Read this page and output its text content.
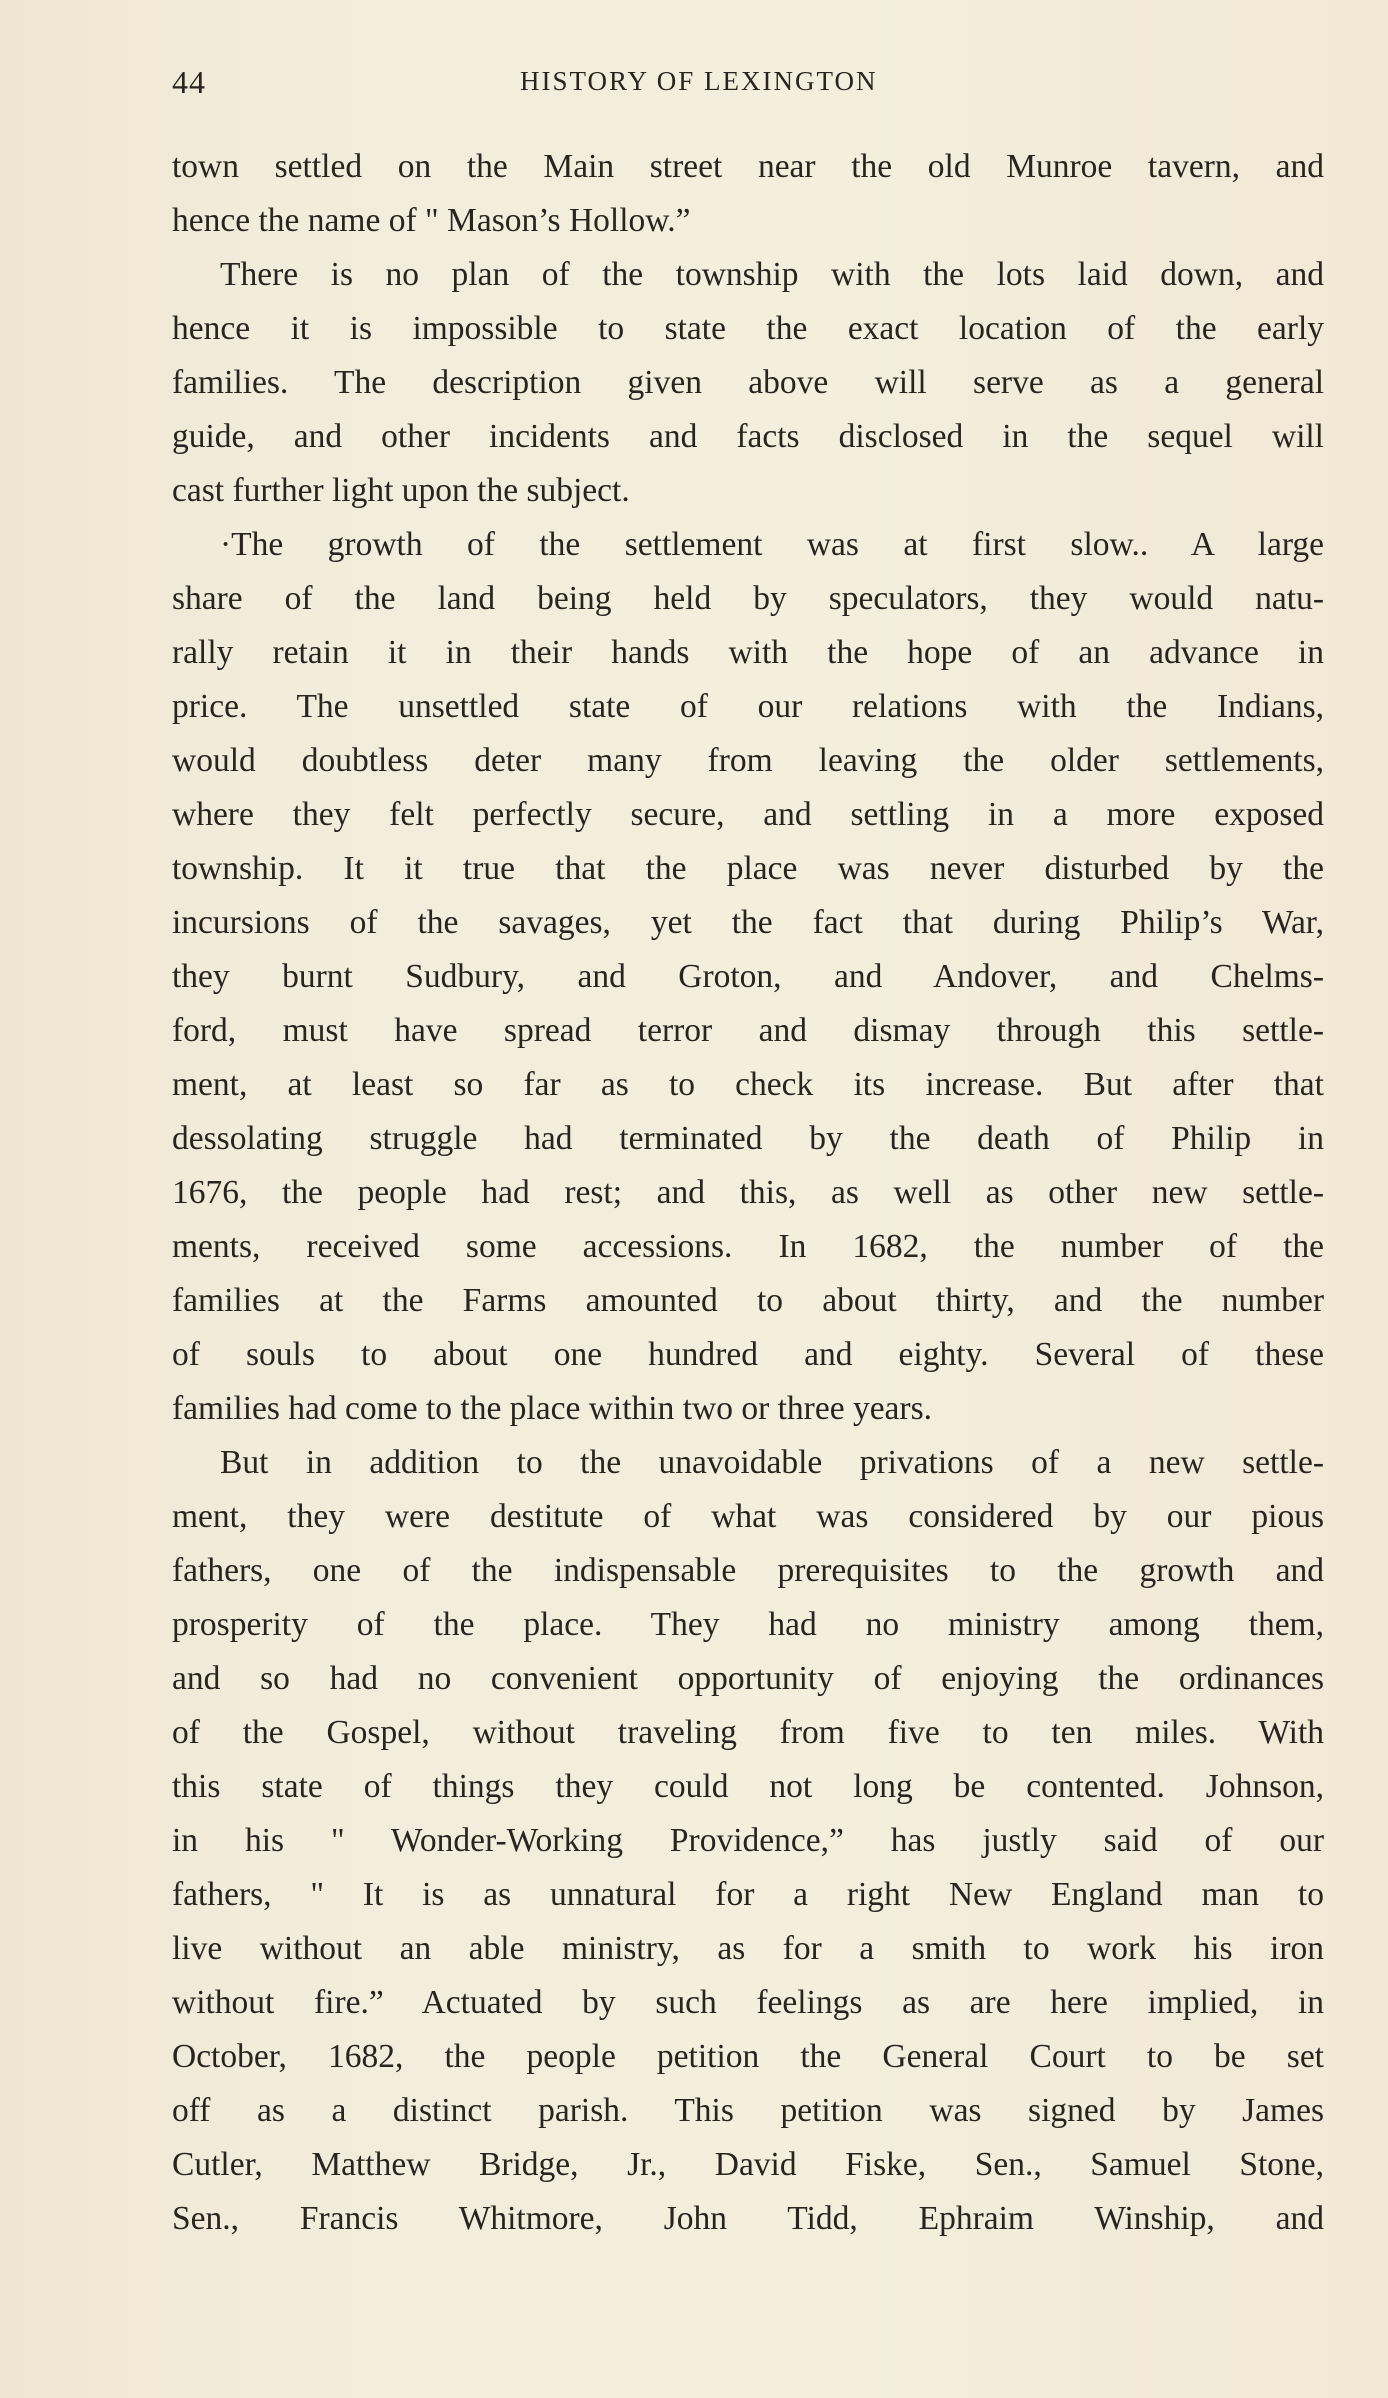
44	HISTORY OF LEXINGTON
town settled on the Main street near the old Munroe tavern, and
hence the name of " Mason’s Hollow.”
There is no plan of the township with the lots laid down, and
hence it is impossible to state the exact location of the early
families. The description given above will serve as a general
guide, and other incidents and facts disclosed in the sequel will
cast further light upon the subject.
·The growth of the settlement was at first slow.. A large
share of the land being held by speculators, they would natu-
rally retain it in their hands with the hope of an advance in
price. The unsettled state of our relations with the Indians,
would doubtless deter many from leaving the older settlements,
where they felt perfectly secure, and settling in a more exposed
township. It it true that the place was never disturbed by the
incursions of the savages, yet the fact that during Philip’s War,
they burnt Sudbury, and Groton, and Andover, and Chelms-
ford, must have spread terror and dismay through this settle-
ment, at least so far as to check its increase. But after that
dessolating struggle had terminated by the death of Philip in
1676, the people had rest; and this, as well as other new settle-
ments, received some accessions. In 1682, the number of the
families at the Farms amounted to about thirty, and the number
of souls to about one hundred and eighty. Several of these
families had come to the place within two or three years.
But in addition to the unavoidable privations of a new settle-
ment, they were destitute of what was considered by our pious
fathers, one of the indispensable prerequisites to the growth and
prosperity of the place. They had no ministry among them,
and so had no convenient opportunity of enjoying the ordinances
of the Gospel, without traveling from five to ten miles. With
this state of things they could not long be contented. Johnson,
in his " Wonder-Working Providence,” has justly said of our
fathers, " It is as unnatural for a right New England man to
live without an able ministry, as for a smith to work his iron
without fire.” Actuated by such feelings as are here implied, in
October, 1682, the people petition the General Court to be set
off as a distinct parish. This petition was signed by James
Cutler, Matthew Bridge, Jr., David Fiske, Sen., Samuel Stone,
Sen., Francis Whitmore, John Tidd, Ephraim Winship, and
